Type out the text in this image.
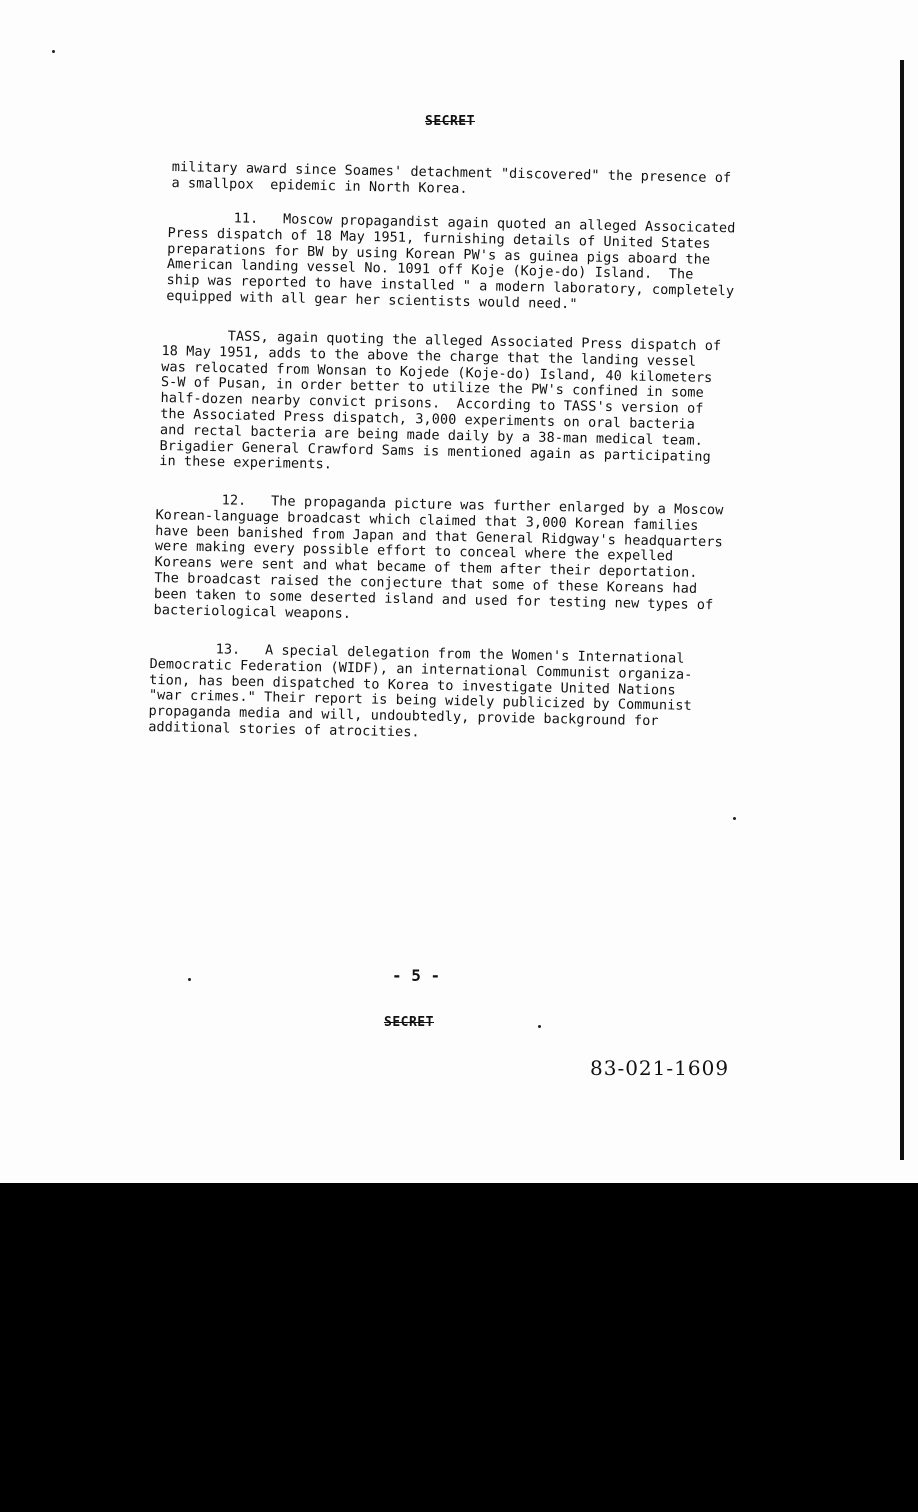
SECRET
military award since Soames' detachment "discovered" the presence of
a smallpox  epidemic in North Korea.
11.   Moscow propagandist again quoted an alleged Associcated
Press dispatch of 18 May 1951, furnishing details of United States
preparations for BW by using Korean PW's as guinea pigs aboard the
American landing vessel No. 1091 off Koje (Koje-do) Island.  The
ship was reported to have installed " a modern laboratory, completely
equipped with all gear her scientists would need."
TASS, again quoting the alleged Associated Press dispatch of
18 May 1951, adds to the above the charge that the landing vessel
was relocated from Wonsan to Kojede (Koje-do) Island, 40 kilometers
S-W of Pusan, in order better to utilize the PW's confined in some
half-dozen nearby convict prisons.  According to TASS's version of
the Associated Press dispatch, 3,000 experiments on oral bacteria
and rectal bacteria are being made daily by a 38-man medical team.
Brigadier General Crawford Sams is mentioned again as participating
in these experiments.
12.   The propaganda picture was further enlarged by a Moscow
Korean-language broadcast which claimed that 3,000 Korean families
have been banished from Japan and that General Ridgway's headquarters
were making every possible effort to conceal where the expelled
Koreans were sent and what became of them after their deportation.
The broadcast raised the conjecture that some of these Koreans had
been taken to some deserted island and used for testing new types of
bacteriological weapons.
13.   A special delegation from the Women's International
Democratic Federation (WIDF), an international Communist organiza-
tion, has been dispatched to Korea to investigate United Nations
"war crimes." Their report is being widely publicized by Communist
propaganda media and will, undoubtedly, provide background for
additional stories of atrocities.
- 5 -
SECRET
83-021-1609
